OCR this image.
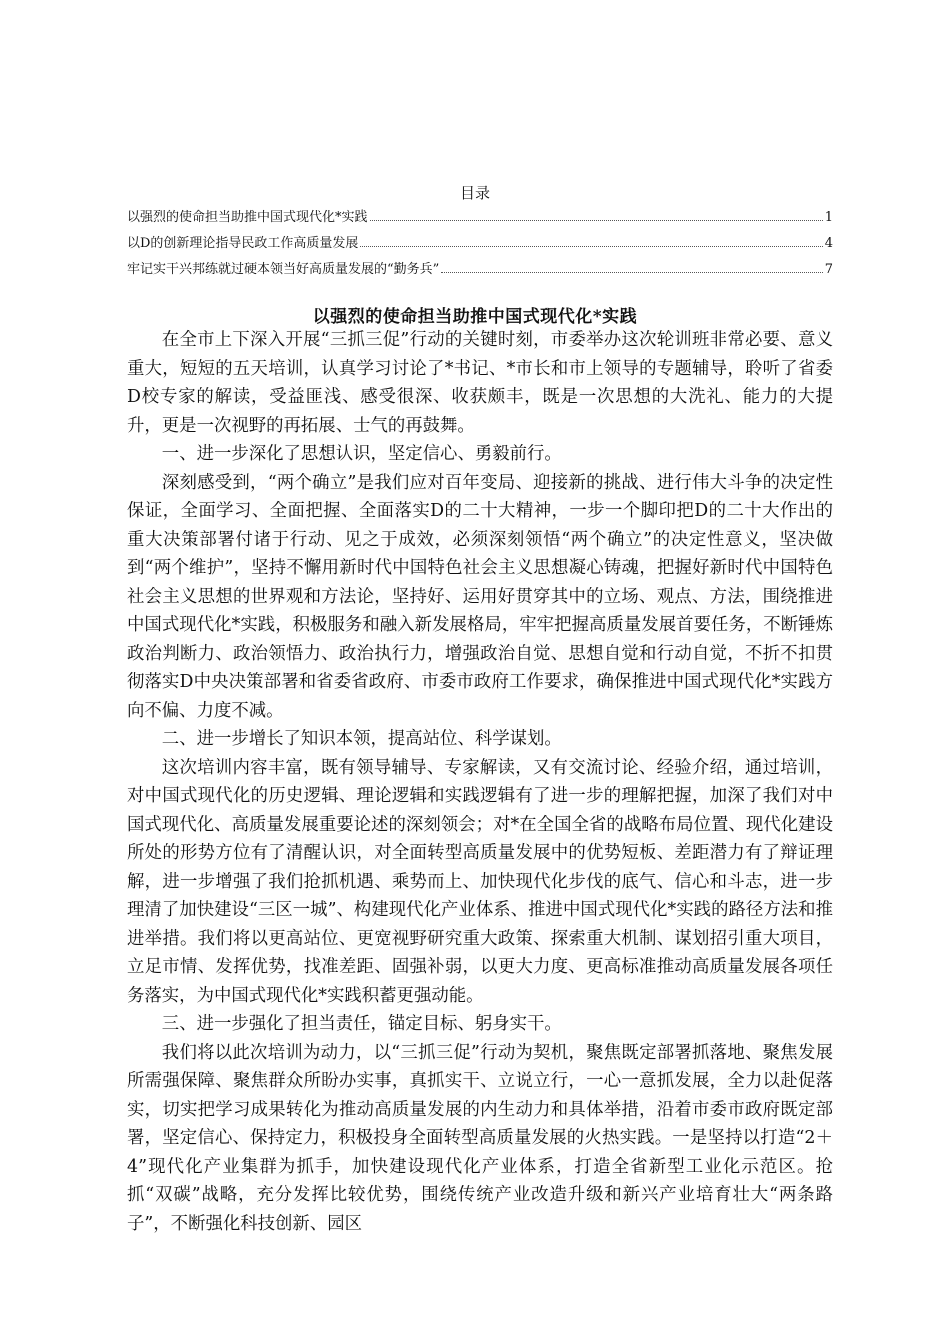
目录
以强烈的使命担当助推中国式现代化*实践	1
以D的创新理论指导民政工作高质量发展	4
牢记实干兴邦练就过硬本领当好高质量发展的“勤务兵”	7
以强烈的使命担当助推中国式现代化*实践

在全市上下深入开展“三抓三促”行动的关键时刻，市委举办这次轮训班非常必要、意义重大，短短的五天培训，认真学习讨论了*书记、*市长和市上领导的专题辅导，聆听了省委D校专家的解读，受益匪浅、感受很深、收获颇丰，既是一次思想的大洗礼、能力的大提升，更是一次视野的再拓展、士气的再鼓舞。

一、进一步深化了思想认识，坚定信心、勇毅前行。

深刻感受到，“两个确立”是我们应对百年变局、迎接新的挑战、进行伟大斗争的决定性保证，全面学习、全面把握、全面落实D的二十大精神，一步一个脚印把D的二十大作出的重大决策部署付诸于行动、见之于成效，必须深刻领悟“两个确立”的决定性意义，坚决做到“两个维护”，坚持不懈用新时代中国特色社会主义思想凝心铸魂，把握好新时代中国特色社会主义思想的世界观和方法论，坚持好、运用好贯穿其中的立场、观点、方法，围绕推进中国式现代化*实践，积极服务和融入新发展格局，牢牢把握高质量发展首要任务，不断锤炼政治判断力、政治领悟力、政治执行力，增强政治自觉、思想自觉和行动自觉，不折不扣贯彻落实D中央决策部署和省委省政府、市委市政府工作要求，确保推进中国式现代化*实践方向不偏、力度不减。

二、进一步增长了知识本领，提高站位、科学谋划。

这次培训内容丰富，既有领导辅导、专家解读，又有交流讨论、经验介绍，通过培训，对中国式现代化的历史逻辑、理论逻辑和实践逻辑有了进一步的理解把握，加深了我们对中国式现代化、高质量发展重要论述的深刻领会；对*在全国全省的战略布局位置、现代化建设所处的形势方位有了清醒认识，对全面转型高质量发展中的优势短板、差距潜力有了辩证理解，进一步增强了我们抢抓机遇、乘势而上、加快现代化步伐的底气、信心和斗志，进一步理清了加快建设“三区一城”、构建现代化产业体系、推进中国式现代化*实践的路径方法和推进举措。我们将以更高站位、更宽视野研究重大政策、探索重大机制、谋划招引重大项目，立足市情、发挥优势，找准差距、固强补弱，以更大力度、更高标准推动高质量发展各项任务落实，为中国式现代化*实践积蓄更强动能。

三、进一步强化了担当责任，锚定目标、躬身实干。

我们将以此次培训为动力，以“三抓三促”行动为契机，聚焦既定部署抓落地、聚焦发展所需强保障、聚焦群众所盼办实事，真抓实干、立说立行，一心一意抓发展，全力以赴促落实，切实把学习成果转化为推动高质量发展的内生动力和具体举措，沿着市委市政府既定部署，坚定信心、保持定力，积极投身全面转型高质量发展的火热实践。一是坚持以打造“2＋4”现代化产业集群为抓手，加快建设现代化产业体系，打造全省新型工业化示范区。抢抓“双碳”战略，充分发挥比较优势，围绕传统产业改造升级和新兴产业培育壮大“两条路子”，不断强化科技创新、园区
